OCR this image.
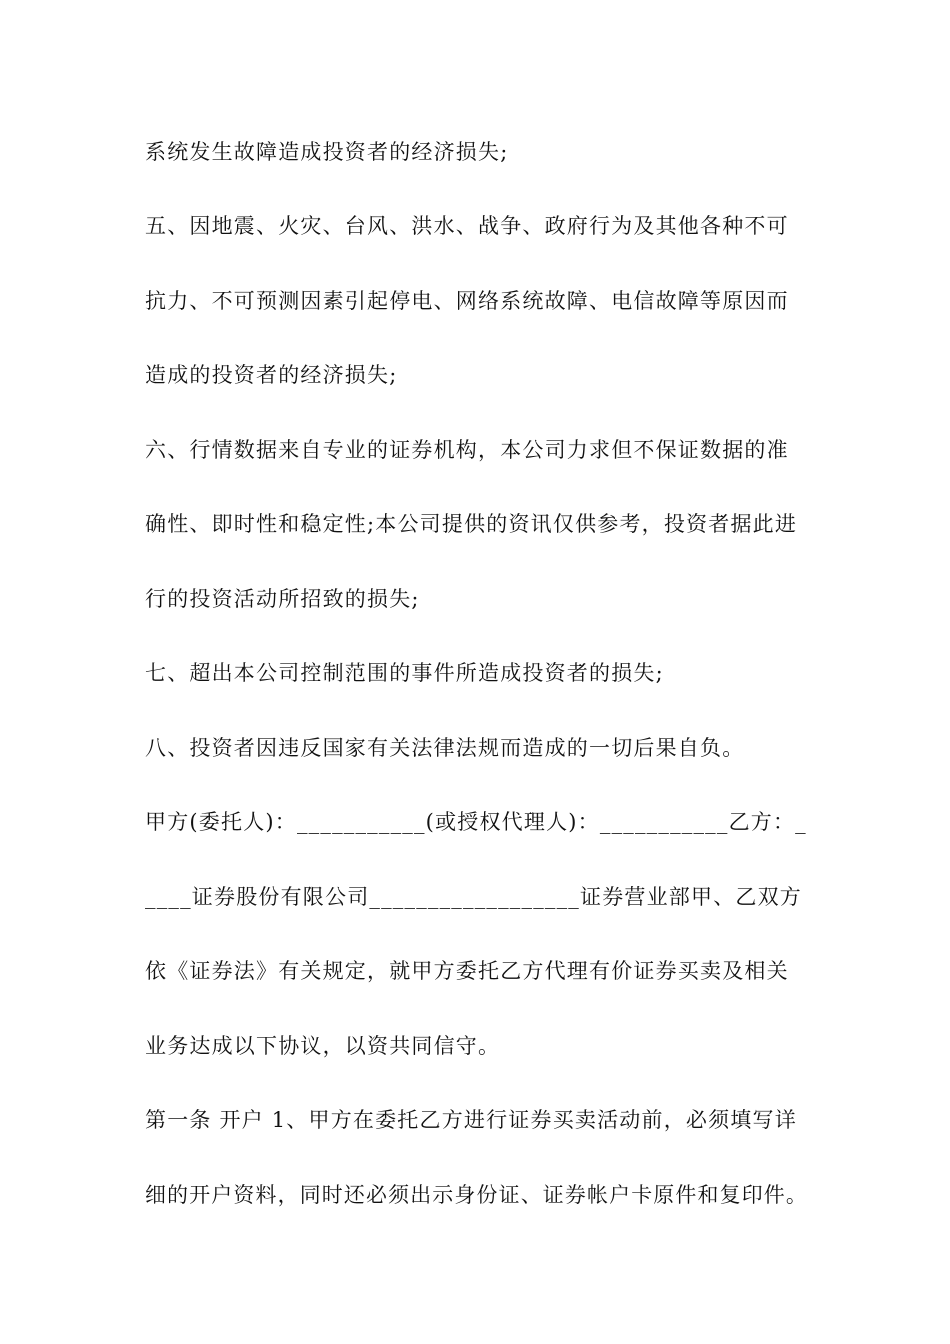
系统发生故障造成投资者的经济损失;
五、因地震、火灾、台风、洪水、战争、政府行为及其他各种不可
抗力、不可预测因素引起停电、网络系统故障、电信故障等原因而
造成的投资者的经济损失;
六、行情数据来自专业的证券机构，本公司力求但不保证数据的准
确性、即时性和稳定性;本公司提供的资讯仅供参考，投资者据此进
行的投资活动所招致的损失;
七、超出本公司控制范围的事件所造成投资者的损失;
八、投资者因违反国家有关法律法规而造成的一切后果自负。
甲方(委托人)：___________(或授权代理人)：___________乙方：_
____证券股份有限公司__________________证券营业部甲、乙双方
依《证券法》有关规定，就甲方委托乙方代理有价证券买卖及相关
业务达成以下协议，以资共同信守。
第一条 开户 1、甲方在委托乙方进行证券买卖活动前，必须填写详
细的开户资料，同时还必须出示身份证、证券帐户卡原件和复印件。
